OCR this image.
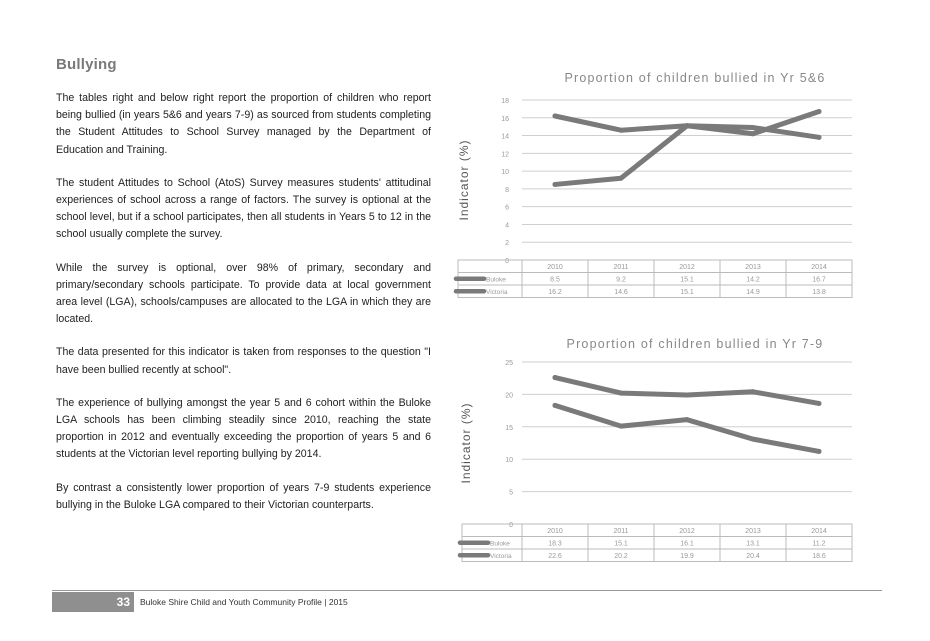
Bullying

The tables right and below right report the proportion of children who report being bullied (in years 5&6 and years 7-9) as sourced from students completing the Student Attitudes to School Survey managed by the Department of Education and Training.

The student Attitudes to School (AtoS) Survey measures students' attitudinal experiences of school across a range of factors. The survey is optional at the school level, but if a school participates, then all students in Years 5 to 12 in the school usually complete the survey.

While the survey is optional, over 98% of primary, secondary and primary/secondary schools participate. To provide data at local government area level (LGA), schools/campuses are allocated to the LGA in which they are located.

The data presented for this indicator is taken from responses to the question "I have been bullied recently at school".

The experience of bullying amongst the year 5 and 6 cohort within the Buloke LGA schools has been climbing steadily since 2010, reaching the state proportion in 2012 and eventually exceeding the proportion of years 5 and 6 students at the Victorian level reporting bullying by 2014.

By contrast a consistently lower proportion of years 7-9 students experience bullying in the Buloke LGA compared to their Victorian counterparts.

Proportion of children bullied in Yr 5&6
Indicator (%)
0
2
4
6
8
10
12
14
16
18
2010	2011	2012	2013	2014
Buloke	8.5	9.2	15.1	14.2	16.7
Victoria	16.2	14.6	15.1	14.9	13.8
Proportion of children bullied in Yr 7-9
Indicator (%)
0
5
10
15
20
25
2010	2011	2012	2013	2014
Buloke	18.3	15.1	16.1	13.1	11.2
Victoria	22.6	20.2	19.9	20.4	18.6
33	Buloke Shire Child and Youth Community Profile | 2015
